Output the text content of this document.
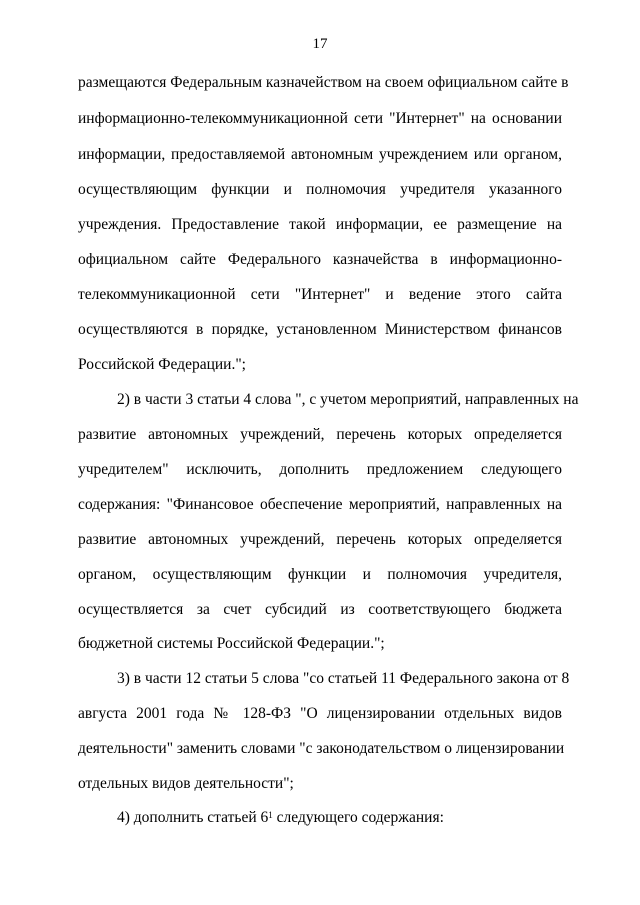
17
размещаются Федеральным казначейством на своем официальном сайте в
информационно-телекоммуникационной сети "Интернет" на основании
информации, предоставляемой автономным учреждением или органом,
осуществляющим функции и полномочия учредителя указанного
учреждения. Предоставление такой информации, ее размещение на
официальном сайте Федерального казначейства в информационно-
телекоммуникационной сети "Интернет" и ведение этого сайта
осуществляются в порядке, установленном Министерством финансов
Российской Федерации.";
2) в части 3 статьи 4 слова ", с учетом мероприятий, направленных на
развитие автономных учреждений, перечень которых определяется
учредителем" исключить, дополнить предложением следующего
содержания: "Финансовое обеспечение мероприятий, направленных на
развитие автономных учреждений, перечень которых определяется
органом, осуществляющим функции и полномочия учредителя,
осуществляется за счет субсидий из соответствующего бюджета
бюджетной системы Российской Федерации.";
3) в части 12 статьи 5 слова "со статьей 11 Федерального закона от 8
августа 2001 года № 128-ФЗ "О лицензировании отдельных видов
деятельности" заменить словами "с законодательством о лицензировании
отдельных видов деятельности";
4) дополнить статьей $6^1$ следующего содержания:
